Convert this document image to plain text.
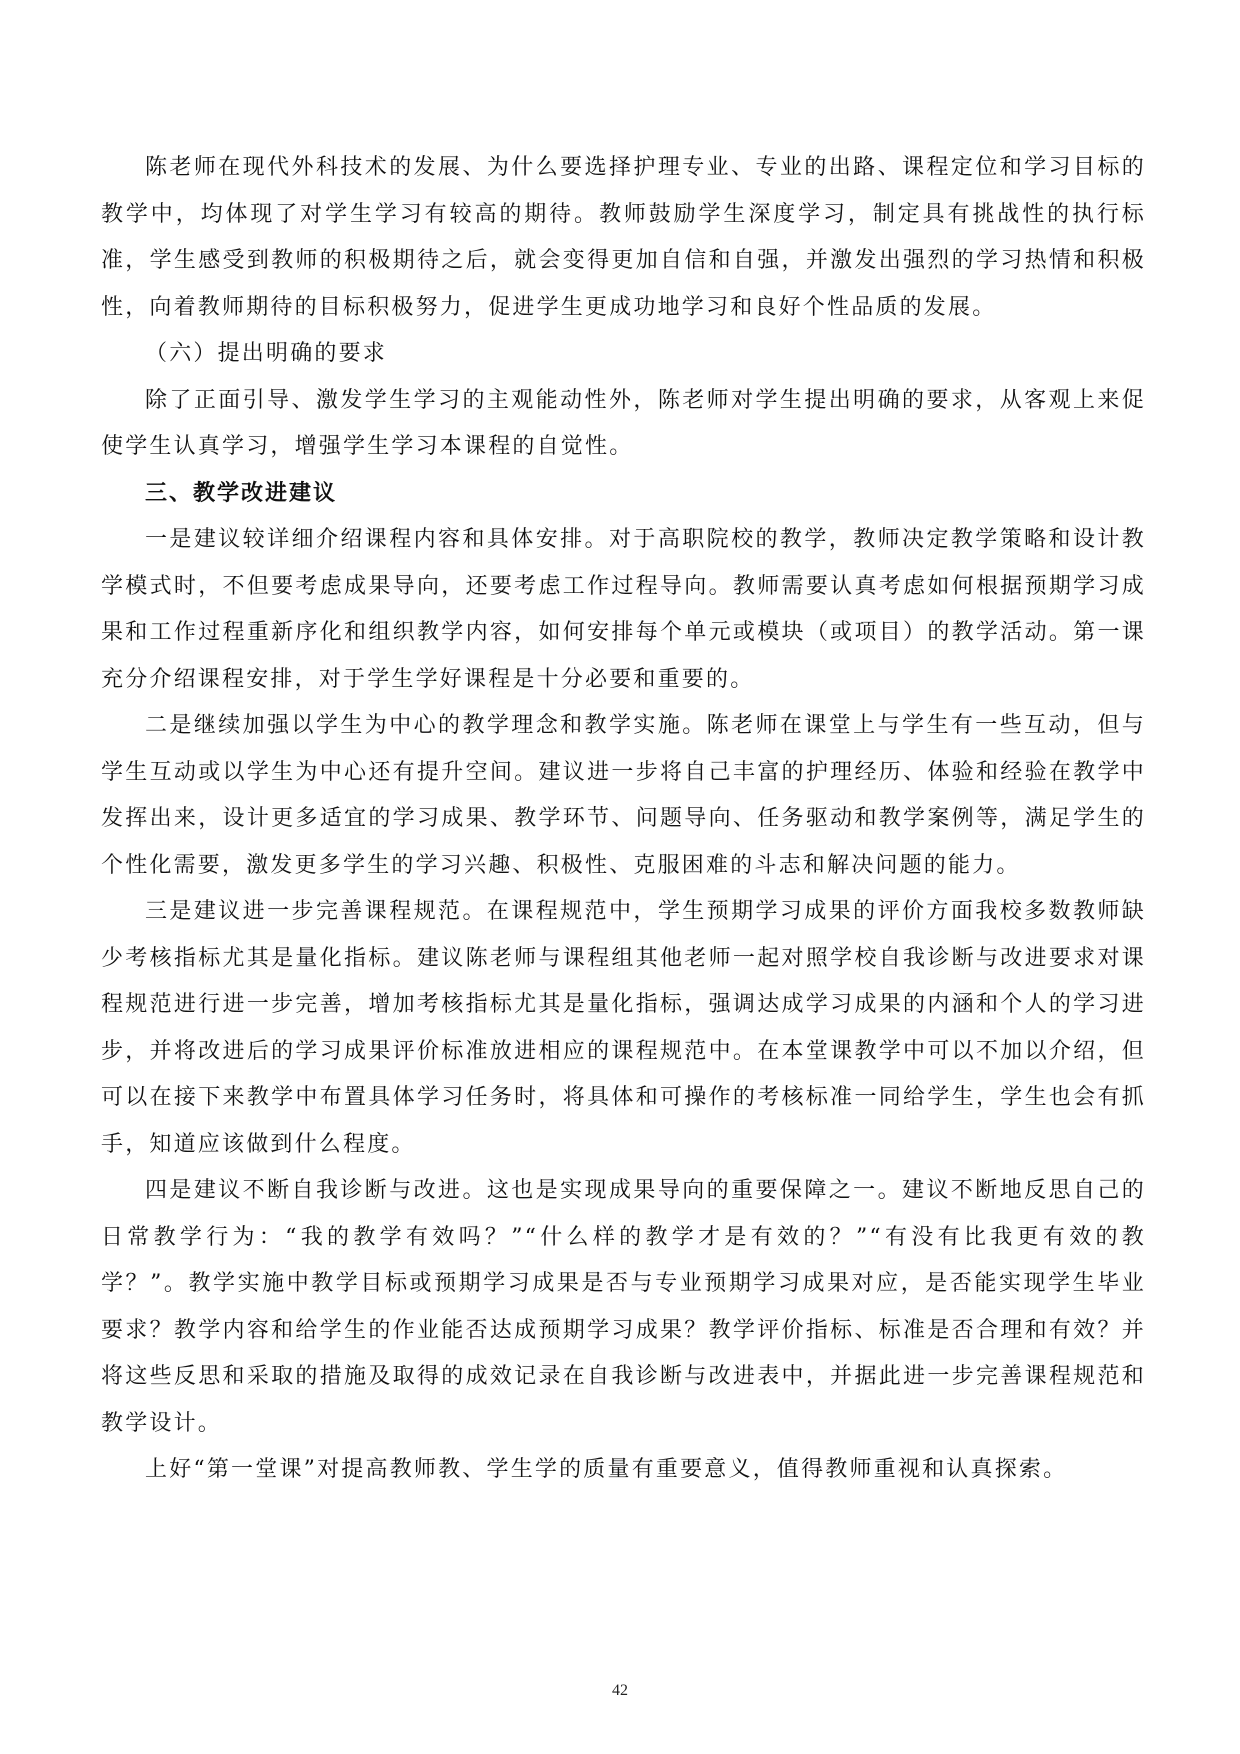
陈老师在现代外科技术的发展、为什么要选择护理专业、专业的出路、课程定位和学习目标的教学中，均体现了对学生学习有较高的期待。教师鼓励学生深度学习，制定具有挑战性的执行标准，学生感受到教师的积极期待之后，就会变得更加自信和自强，并激发出强烈的学习热情和积极性，向着教师期待的目标积极努力，促进学生更成功地学习和良好个性品质的发展。

（六）提出明确的要求

除了正面引导、激发学生学习的主观能动性外，陈老师对学生提出明确的要求，从客观上来促使学生认真学习，增强学生学习本课程的自觉性。

三、教学改进建议

一是建议较详细介绍课程内容和具体安排。对于高职院校的教学，教师决定教学策略和设计教学模式时，不但要考虑成果导向，还要考虑工作过程导向。教师需要认真考虑如何根据预期学习成果和工作过程重新序化和组织教学内容，如何安排每个单元或模块（或项目）的教学活动。第一课充分介绍课程安排，对于学生学好课程是十分必要和重要的。

二是继续加强以学生为中心的教学理念和教学实施。陈老师在课堂上与学生有一些互动，但与学生互动或以学生为中心还有提升空间。建议进一步将自己丰富的护理经历、体验和经验在教学中发挥出来，设计更多适宜的学习成果、教学环节、问题导向、任务驱动和教学案例等，满足学生的个性化需要，激发更多学生的学习兴趣、积极性、克服困难的斗志和解决问题的能力。

三是建议进一步完善课程规范。在课程规范中，学生预期学习成果的评价方面我校多数教师缺少考核指标尤其是量化指标。建议陈老师与课程组其他老师一起对照学校自我诊断与改进要求对课程规范进行进一步完善，增加考核指标尤其是量化指标，强调达成学习成果的内涵和个人的学习进步，并将改进后的学习成果评价标准放进相应的课程规范中。在本堂课教学中可以不加以介绍，但可以在接下来教学中布置具体学习任务时，将具体和可操作的考核标准一同给学生，学生也会有抓手，知道应该做到什么程度。

四是建议不断自我诊断与改进。这也是实现成果导向的重要保障之一。建议不断地反思自己的日常教学行为：“我的教学有效吗？”“什么样的教学才是有效的？”“有没有比我更有效的教学？”。教学实施中教学目标或预期学习成果是否与专业预期学习成果对应，是否能实现学生毕业要求？教学内容和给学生的作业能否达成预期学习成果？教学评价指标、标准是否合理和有效？并将这些反思和采取的措施及取得的成效记录在自我诊断与改进表中，并据此进一步完善课程规范和教学设计。

上好“第一堂课”对提高教师教、学生学的质量有重要意义，值得教师重视和认真探索。

42
